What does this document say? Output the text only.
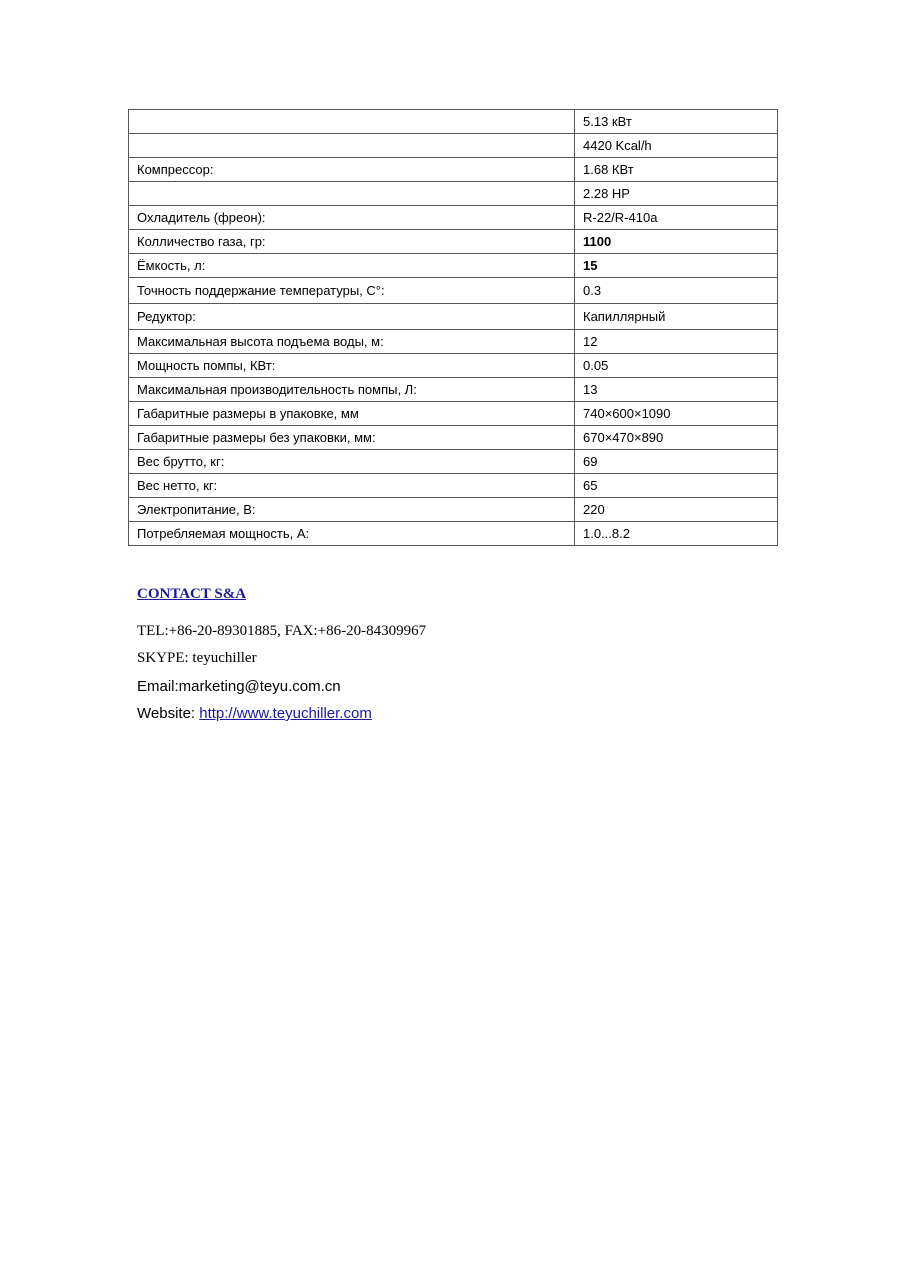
	5.13 кВт
	4420 Kcal/h
Компрессор:	1.68 КВт
	2.28 HP
Охладитель (фреон):	R-22/R-410a
Колличество газа, гр:	1100
Ёмкость, л:	15
Точность поддержание температуры, С°:	0.3
Редуктор:	Капиллярный
Максимальная высота подъема воды, м:	12
Мощность помпы, КВт:	0.05
Максимальная производительность помпы, Л:	13
Габаритные размеры в упаковке, мм	740×600×1090
Габаритные размеры без упаковки, мм:	670×470×890
Вес брутто, кг:	69
Вес нетто, кг:	65
Электропитание, В:	220
Потребляемая мощность, А:	1.0...8.2
CONTACT S&A
TEL:+86-20-89301885, FAX:+86-20-84309967
SKYPE: teyuchiller
Email:marketing@teyu.com.cn
Website: http://www.teyuchiller.com
